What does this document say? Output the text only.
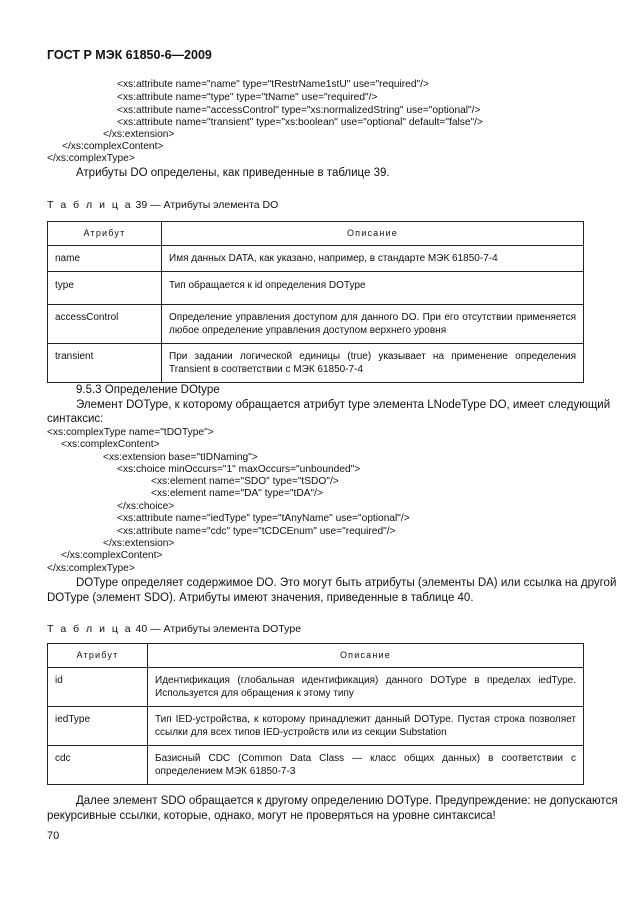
ГОСТ Р МЭК 61850-6—2009
<xs:attribute name="name" type="tRestrName1stU" use="required"/>
<xs:attribute name="type" type="tName" use="required"/>
<xs:attribute name="accessControl" type="xs:normalizedString" use="optional"/>
<xs:attribute name="transient" type="xs:boolean" use="optional" default="false"/>
</xs:extension>
</xs:complexContent>
</xs:complexType>
Атрибуты DO определены, как приведенные в таблице 39.
Т а б л и ц а 39 — Атрибуты элемента DO
Атрибут	Описание
name	Имя данных DATA, как указано, например, в стандарте МЭК 61850-7-4
type	Тип обращается к id определения DOType
accessControl	Определение управления доступом для данного DO. При его отсутствии применяется любое определение управления доступом верхнего уровня
transient	При задании логической единицы (true) указывает на применение определения Transient в соответствии с МЭК 61850-7-4
9.5.3 Определение DOtype
Элемент DOType, к которому обращается атрибут type элемента LNodeType DO, имеет следующий
синтаксис:
<xs:complexType name="tDOType">
<xs:complexContent>
<xs:extension base="tIDNaming">
<xs:choice minOccurs="1" maxOccurs="unbounded">
<xs:element name="SDO" type="tSDO"/>
<xs:element name="DA" type="tDA"/>
</xs:choice>
<xs:attribute name="iedType" type="tAnyName" use="optional"/>
<xs:attribute name="cdc" type="tCDCEnum" use="required"/>
</xs:extension>
</xs:complexContent>
</xs:complexType>
DOType определяет содержимое DO. Это могут быть атрибуты (элементы DA) или ссылка на другой
DOType (элемент SDO). Атрибуты имеют значения, приведенные в таблице 40.
Т а б л и ц а 40 — Атрибуты элемента DOType
Атрибут	Описание
id	Идентификация (глобальная идентификация) данного DOType в пределах iedType. Используется для обращения к этому типу
iedType	Тип IED-устройства, к которому принадлежит данный DOType. Пустая строка позволяет ссылки для всех типов IED-устройств или из секции Substation
cdc	Базисный CDC (Common Data Class — класс общих данных) в соответствии с определением МЭК 61850-7-3
Далее элемент SDO обращается к другому определению DOType. Предупреждение: не допускаются
рекурсивные ссылки, которые, однако, могут не проверяться на уровне синтаксиса!
70
